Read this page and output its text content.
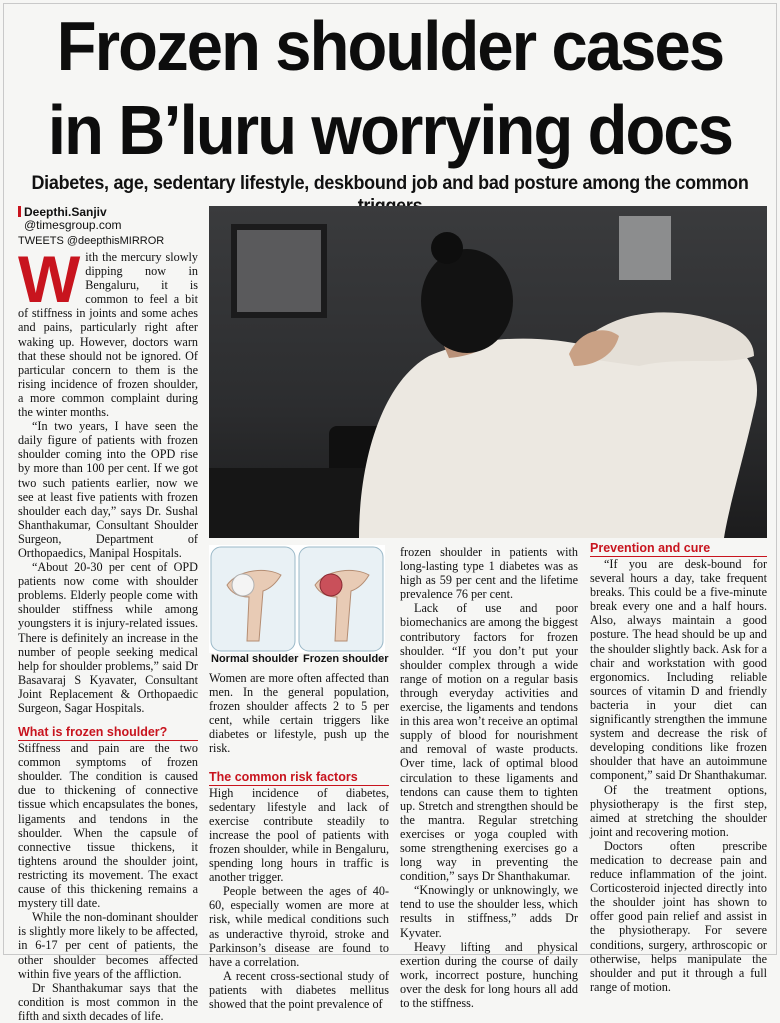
Frozen shoulder cases
in B’luru worrying docs
Diabetes, age, sedentary lifestyle, deskbound job and bad posture among the common
Deepthi.Sanjiv
@timesgroup.com
TWEETS @deepthisMIRROR

With the mercury slowly dipping now in Bengaluru, it is common to feel a bit of stiffness in joints and some aches and pains, particularly right after waking up. However, doctors warn that these should not be ignored. Of particular concern to them is the rising incidence of frozen shoulder, a more common complaint during the winter months.

“In two years, I have seen the daily figure of patients with frozen shoulder coming into the OPD rise by more than 100 per cent. If we got two such patients earlier, now we see at least five patients with frozen shoulder each day,” says Dr. Sushal Shanthakumar, Consultant Shoulder Surgeon, Department of Orthopaedics, Manipal Hospitals.

“About 20-30 per cent of OPD patients now come with shoulder problems. Elderly people come with shoulder stiffness while among youngsters it is injury-related issues. There is definitely an increase in the number of people seeking medical help for shoulder problems,” said Dr Basavaraj S Kyavater, Consultant Joint Replacement & Orthopaedic Surgeon, Sagar Hospitals.

What is frozen shoulder?

Stiffness and pain are the two common symptoms of frozen shoulder. The condition is caused due to thickening of connective tissue which encapsulates the bones, ligaments and tendons in the shoulder. When the capsule of connective tissue thickens, it tightens around the shoulder joint, restricting its movement. The exact cause of this thickening remains a mystery till date.

While the non-dominant shoulder is slightly more likely to be affected, in 6-17 per cent of patients, the other shoulder becomes affected within five years of the affliction.

Dr Shanthakumar says that the condition is most common in the fifth and sixth decades of life.

Normal shoulder Frozen shoulder

Women are more often affected than men. In the general population, frozen shoulder affects 2 to 5 per cent, while certain triggers like diabetes or lifestyle, push up the risk.

The common risk factors

High incidence of diabetes, sedentary lifestyle and lack of exercise contribute steadily to increase the pool of patients with frozen shoulder, while in Bengaluru, spending long hours in traffic is another trigger.

People between the ages of 40-60, especially women are more at risk, while medical conditions such as underactive thyroid, stroke and Parkinson’s disease are found to have a correlation.

A recent cross-sectional study of patients with diabetes mellitus showed that the point prevalence of

frozen shoulder in patients with long-lasting type 1 diabetes was as high as 59 per cent and the lifetime prevalence 76 per cent.

Lack of use and poor biomechanics are among the biggest contributory factors for frozen shoulder. “If you don’t put your shoulder complex through a wide range of motion on a regular basis through everyday activities and exercise, the ligaments and tendons in this area won’t receive an optimal supply of blood for nourishment and removal of waste products. Over time, lack of optimal blood circulation to these ligaments and tendons can cause them to tighten up. Stretch and strengthen should be the mantra. Regular stretching exercises or yoga coupled with some strengthening exercises go a long way in preventing the condition,” says Dr Shanthakumar.

“Knowingly or unknowingly, we tend to use the shoulder less, which results in stiffness,” adds Dr Kyvater.

Heavy lifting and physical exertion during the course of daily work, incorrect posture, hunching over the desk for long hours all add to the stiffness.

Prevention and cure

“If you are desk-bound for several hours a day, take frequent breaks. This could be a five-minute break every one and a half hours. Also, always maintain a good posture. The head should be up and the shoulder slightly back. Ask for a chair and workstation with good ergonomics. Including reliable sources of vitamin D and friendly bacteria in your diet can significantly strengthen the immune system and decrease the risk of developing conditions like frozen shoulder that have an autoimmune component,” said Dr Shanthakumar.

Of the treatment options, physiotherapy is the first step, aimed at stretching the shoulder joint and recovering motion.

Doctors often prescribe medication to decrease pain and reduce inflammation of the joint. Corticosteroid injected directly into the shoulder joint has shown to offer good pain relief and assist in the physiotherapy. For severe conditions, surgery, arthroscopic or otherwise, helps manipulate the shoulder and put it through a full range of motion.
